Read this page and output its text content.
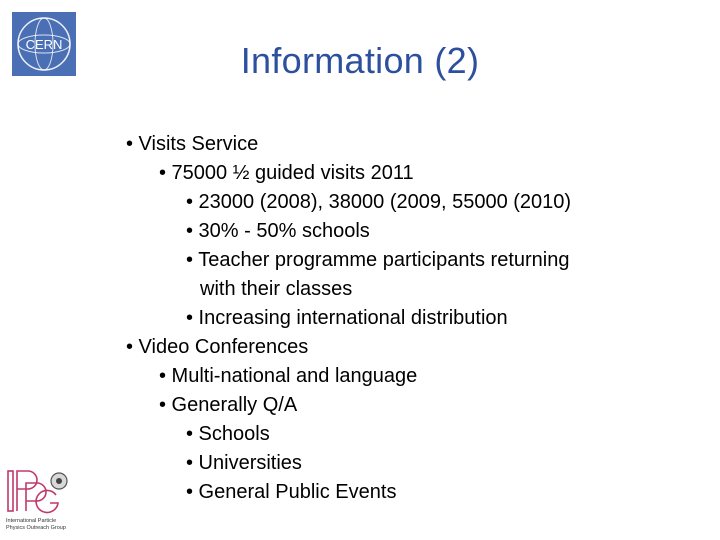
CERN	Information (2)
• Visits Service
• 75000 ½ guided visits 2011
• 23000 (2008), 38000 (2009, 55000 (2010)
• 30% - 50% schools
• Teacher programme participants returning
with their classes
• Increasing international distribution
• Video Conferences
• Multi-national and language
• Generally Q/A
• Schools
• Universities
• General Public Events
International Particle
Physics Outreach Group
